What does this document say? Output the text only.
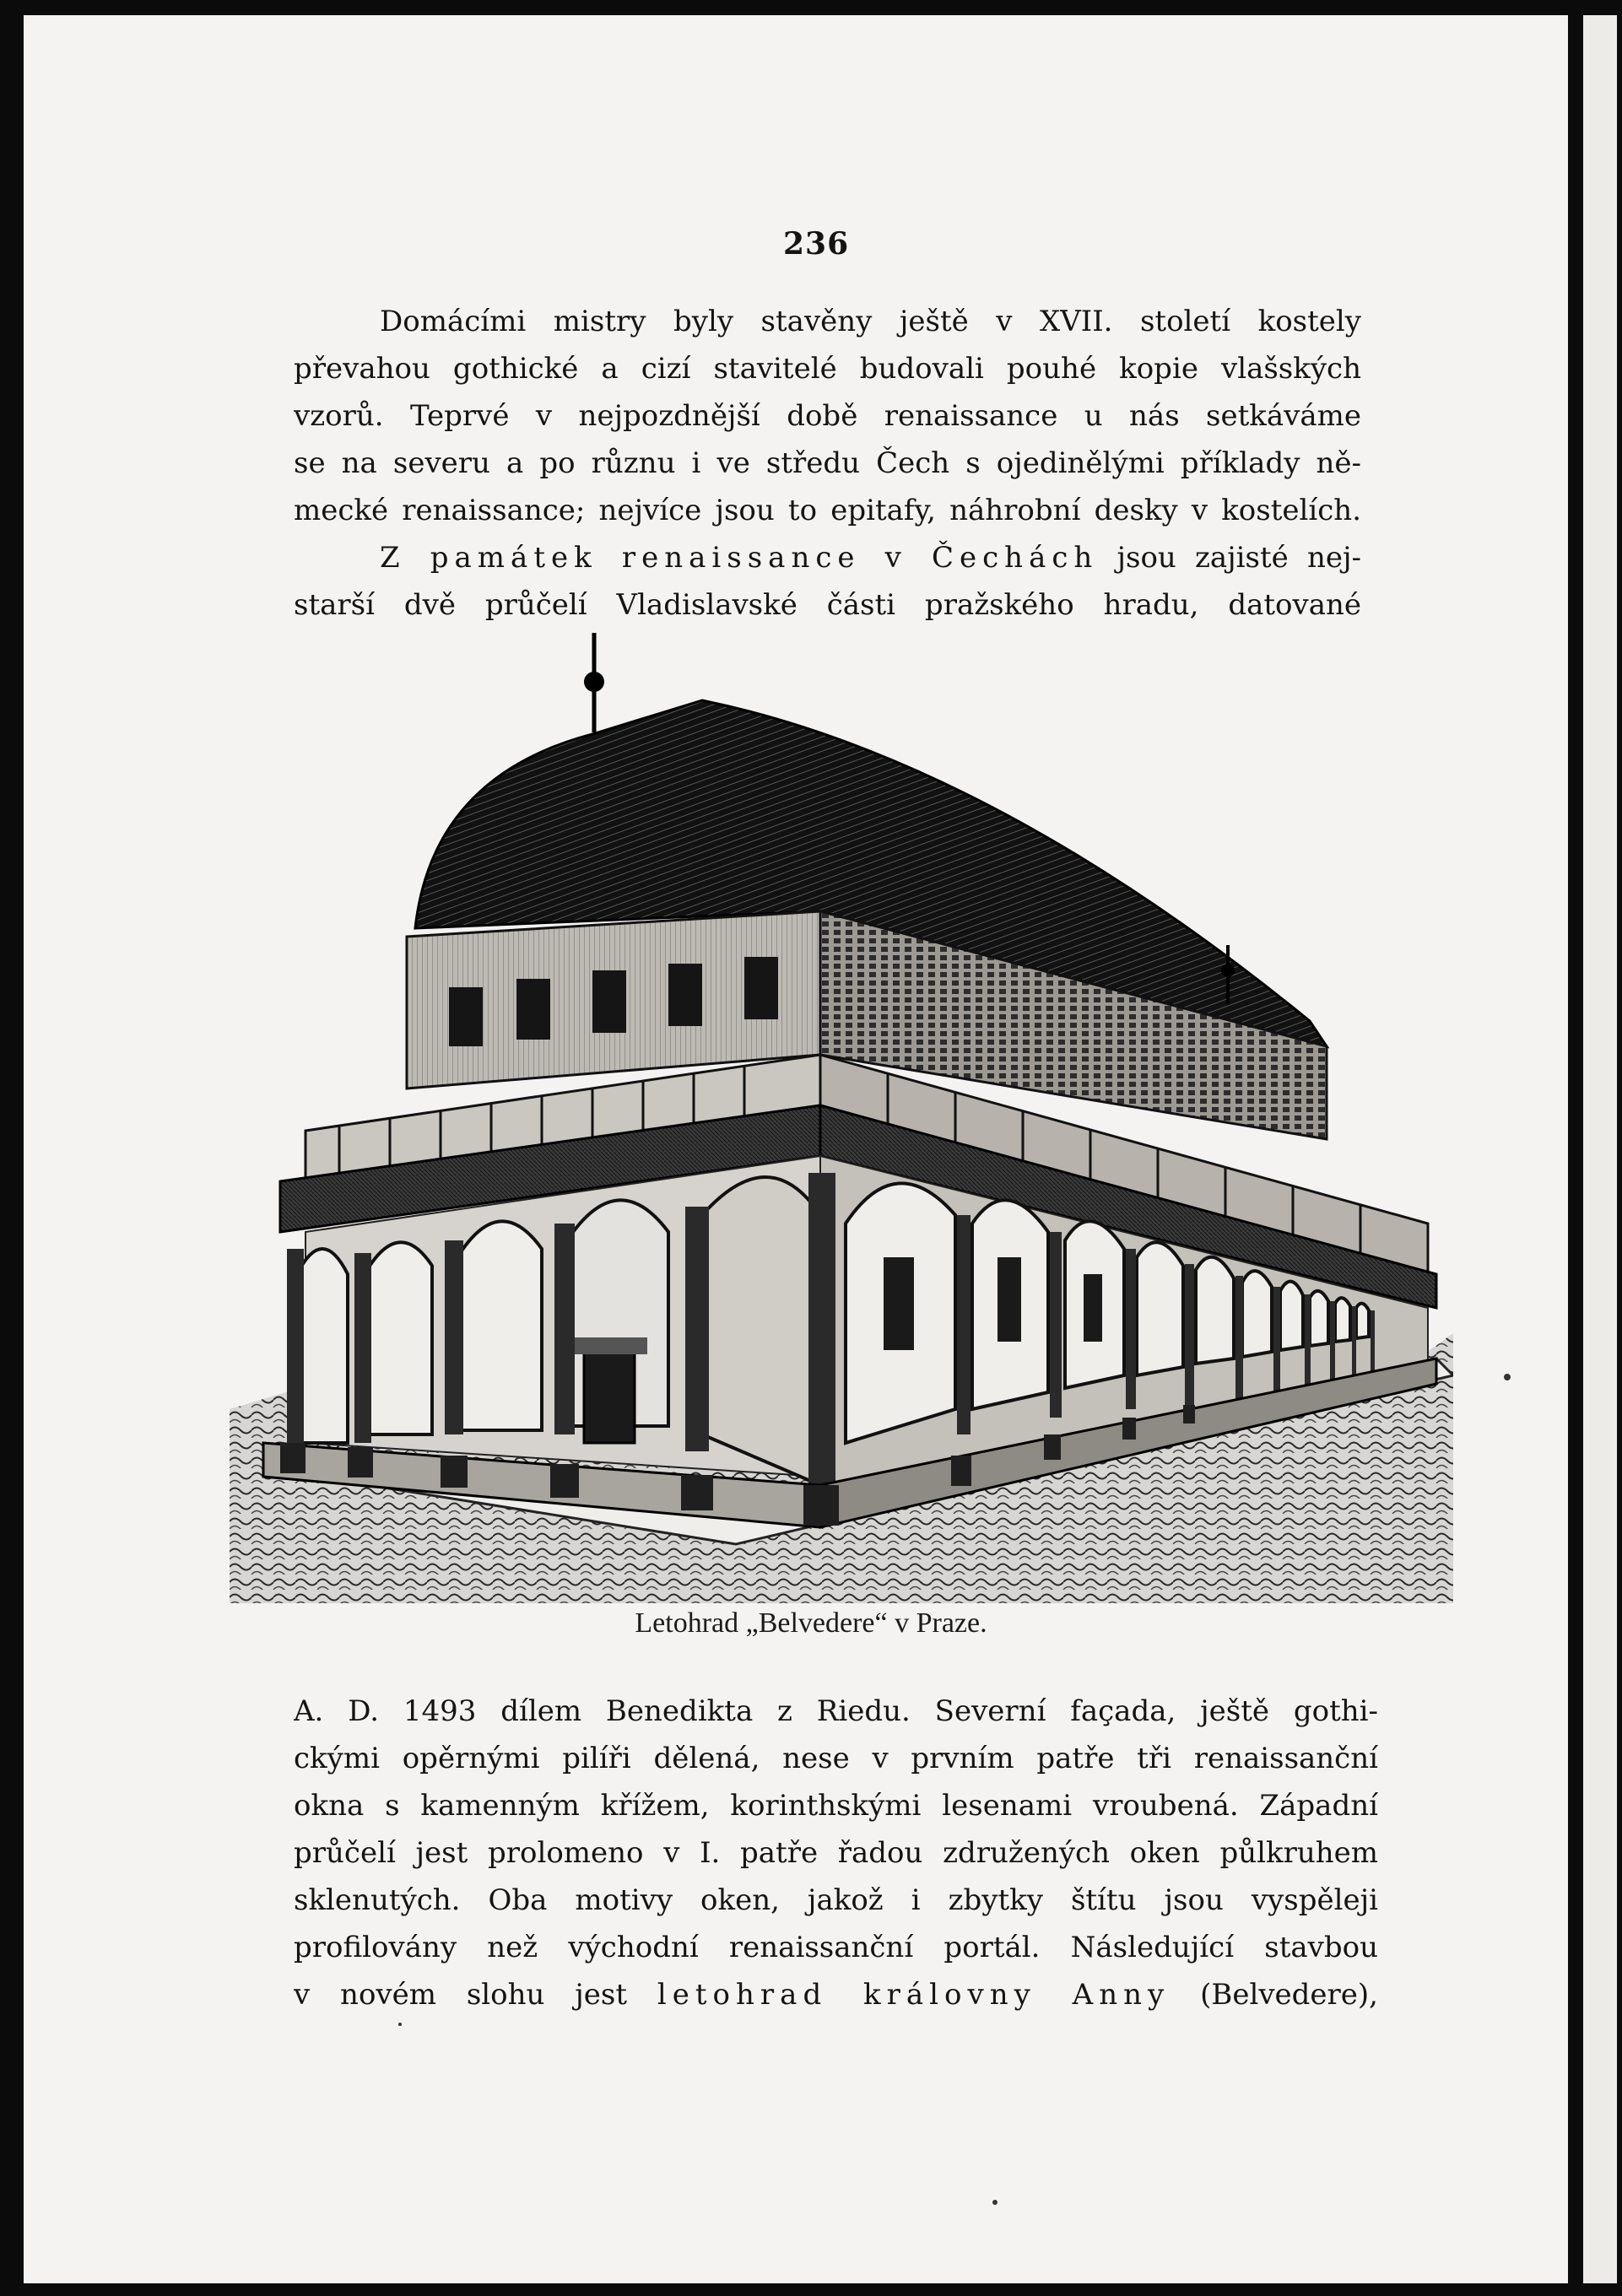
236
Domácími mistry byly stavěny ještě v XVII. století kostely
převahou gothické a cizí stavitelé budovali pouhé kopie vlašských
vzorů. Teprvé v nejpozdnější době renaissance u nás setkáváme
se na severu a po různu i ve středu Čech s ojedinělými příklady ně-
mecké renaissance; nejvíce jsou to epitafy, náhrobní desky v kostelích.
Z památek renaissance v Čechách jsou zajisté nej-
starší dvě průčelí Vladislavské části pražského hradu, datované
Letohrad „Belvedere“ v Praze.
A. D. 1493 dílem Benedikta z Riedu. Severní façada, ještě gothi-
ckými opěrnými pilíři dělená, nese v prvním patře tři renaissanční
okna s kamenným křížem, korinthskými lesenami vroubená. Západní
průčelí jest prolomeno v I. patře řadou združených oken půlkruhem
sklenutých. Oba motivy oken, jakož i zbytky štítu jsou vyspěleji
profilovány než východní renaissanční portál. Následující stavbou
v novém slohu jest letohrad královny Anny (Belvedere),
